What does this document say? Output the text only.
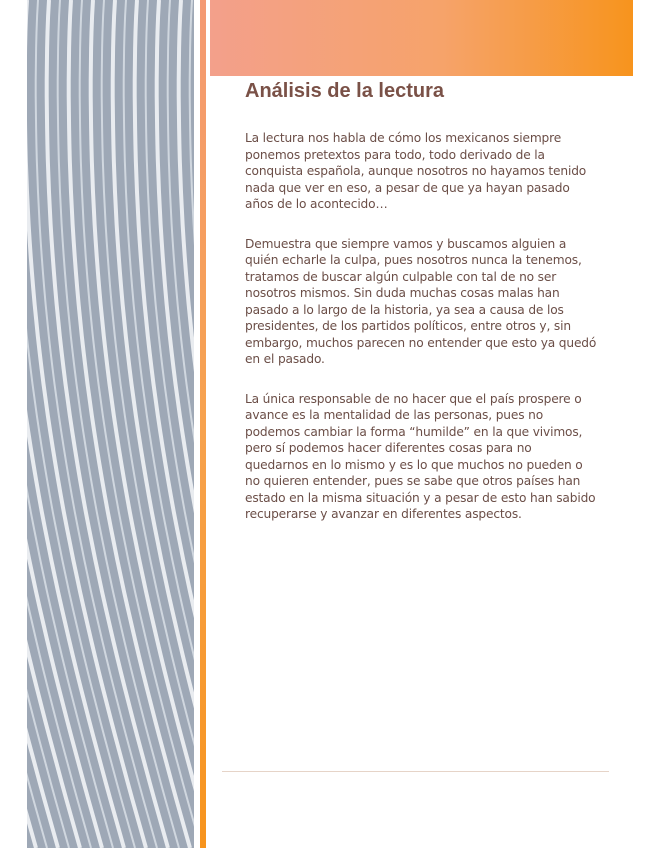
Análisis de la lectura

La lectura nos habla de cómo los mexicanos siempre ponemos pretextos para todo, todo derivado de la conquista española, aunque nosotros no hayamos tenido nada que ver en eso, a pesar de que ya hayan pasado años de lo acontecido…

Demuestra que siempre vamos y buscamos alguien a quién echarle la culpa, pues nosotros nunca la tenemos, tratamos de buscar algún culpable con tal de no ser nosotros mismos. Sin duda muchas cosas malas han pasado a lo largo de la historia, ya sea a causa de los presidentes, de los partidos políticos, entre otros y, sin embargo, muchos parecen no entender que esto ya quedó en el pasado.

La única responsable de no hacer que el país prospere o avance es la mentalidad de las personas, pues no podemos cambiar la forma “humilde” en la que vivimos, pero sí podemos hacer diferentes cosas para no quedarnos en lo mismo y es lo que muchos no pueden o no quieren entender, pues se sabe que otros países han estado en la misma situación y a pesar de esto han sabido recuperarse y avanzar en diferentes aspectos.
